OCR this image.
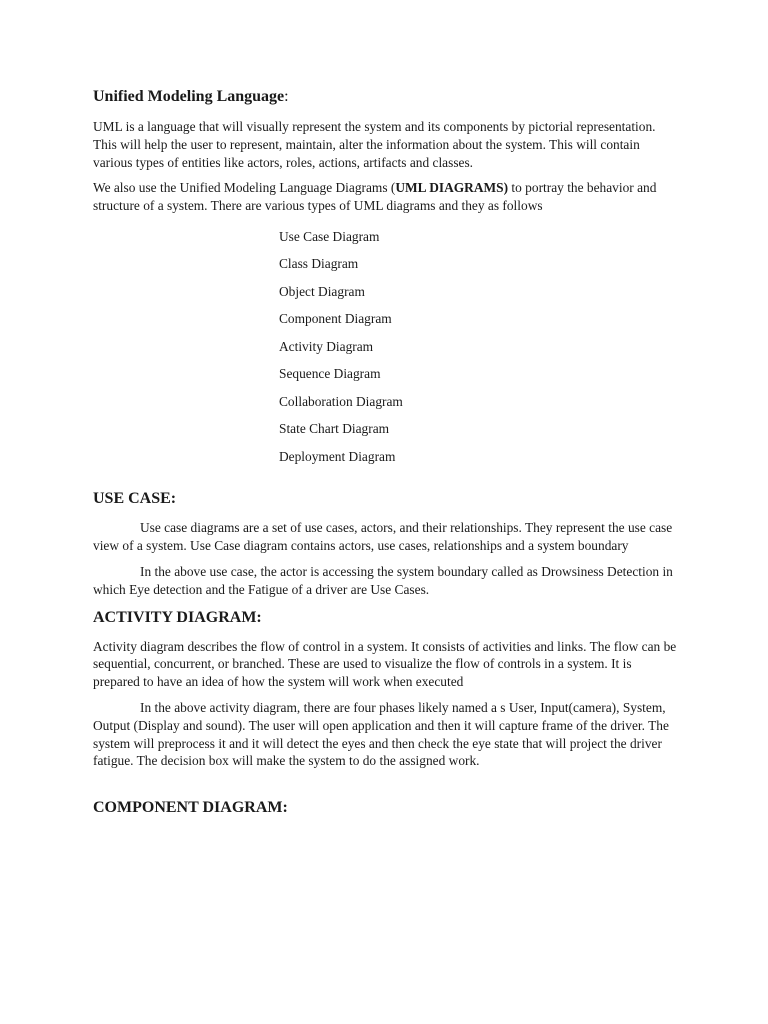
Unified Modeling Language:

UML is a language that will visually represent the system and its components by pictorial representation. This will help the user to represent, maintain, alter the information about the system. This will contain various types of entities like actors, roles, actions, artifacts and classes.

We also use the Unified Modeling Language Diagrams (UML DIAGRAMS) to portray the behavior and structure of a system. There are various types of UML diagrams and they as follows

Use Case Diagram
Class Diagram
Object Diagram
Component Diagram
Activity Diagram
Sequence Diagram
Collaboration Diagram
State Chart Diagram
Deployment Diagram
USE CASE:

Use case diagrams are a set of use cases, actors, and their relationships. They represent the use case view of a system. Use Case diagram contains actors, use cases, relationships and a system boundary

In the above use case, the actor is accessing the system boundary called as Drowsiness Detection in which Eye detection and the Fatigue of a driver are Use Cases.

ACTIVITY DIAGRAM:

Activity diagram describes the flow of control in a system. It consists of activities and links. The flow can be sequential, concurrent, or branched. These are used to visualize the flow of controls in a system. It is prepared to have an idea of how the system will work when executed

In the above activity diagram, there are four phases likely named a s User, Input(camera), System, Output (Display and sound). The user will open application and then it will capture frame of the driver. The system will preprocess it and it will detect the eyes and then check the eye state that will project the driver fatigue. The decision box will make the system to do the assigned work.

COMPONENT DIAGRAM:
